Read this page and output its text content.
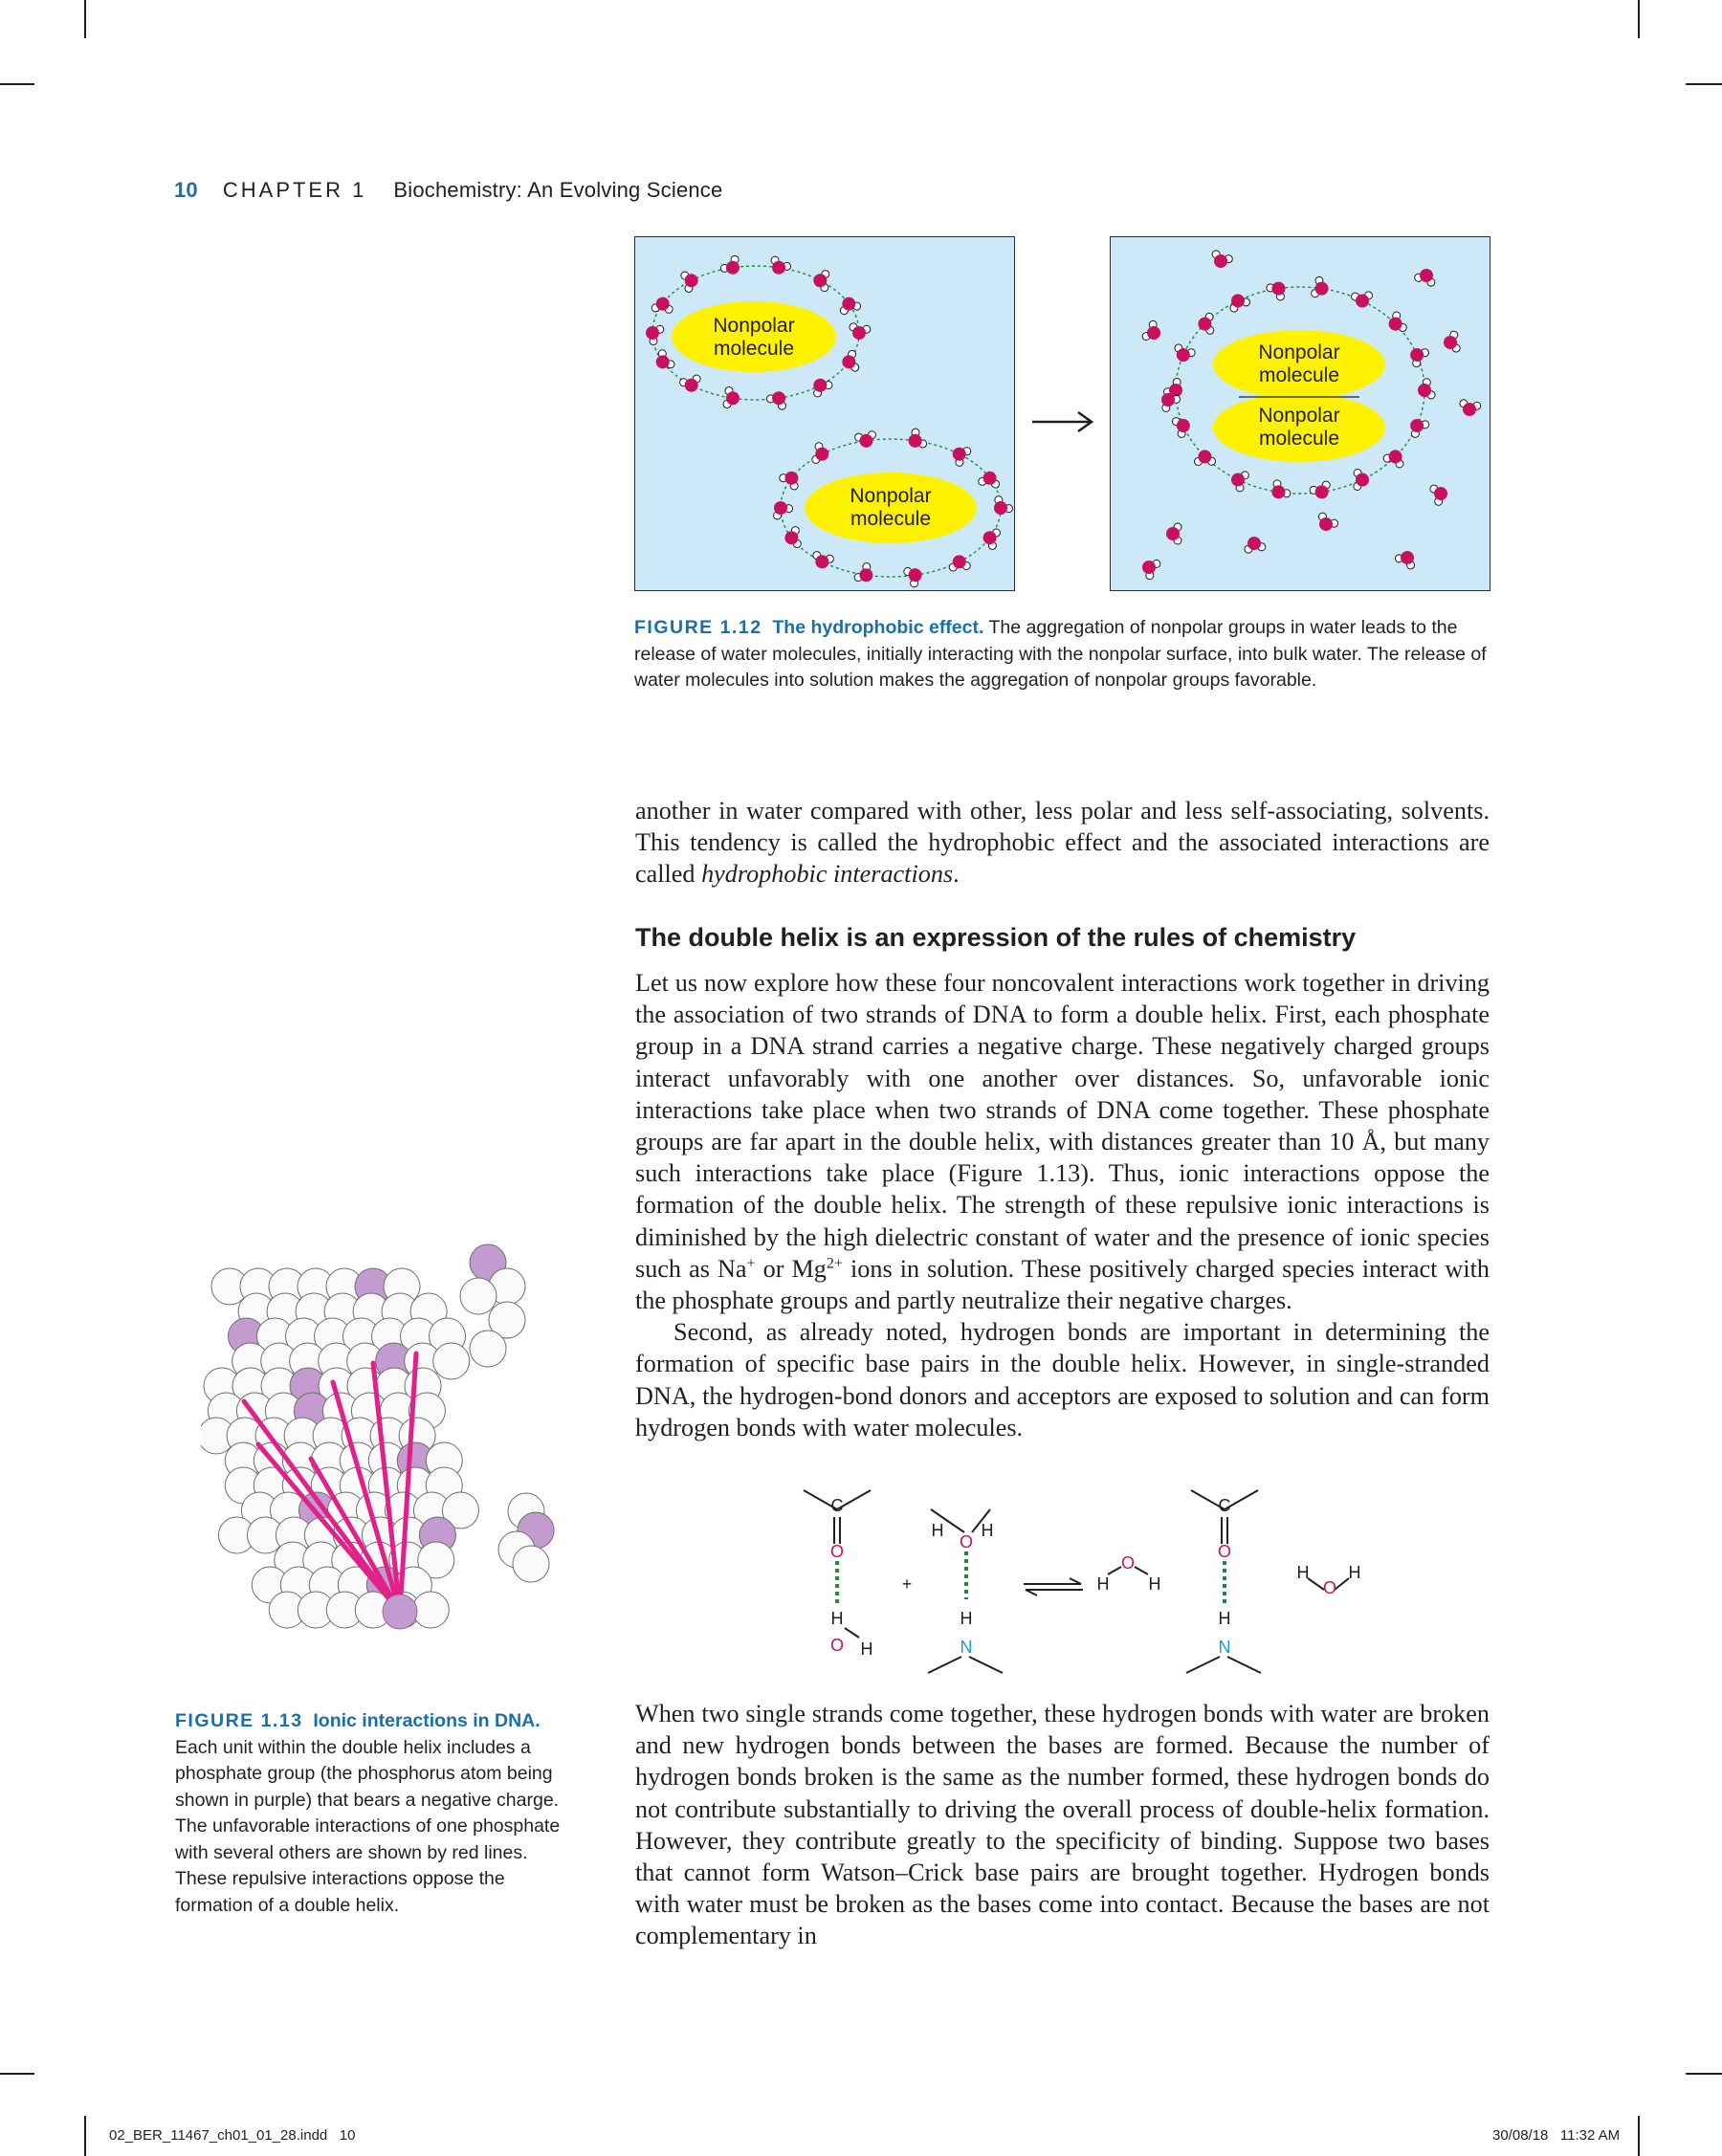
10 CHAPTER 1 Biochemistry: An Evolving Science
Nonpolar
molecule
Nonpolar
molecule
Nonpolar
molecule
Nonpolar
molecule
FIGURE 1.12 The hydrophobic effect. The aggregation of nonpolar groups in water leads to the release of water molecules, initially interacting with the nonpolar surface, into bulk water. The release of water molecules into solution makes the aggregation of nonpolar groups favorable.

another in water compared with other, less polar and less self-associating, solvents. This tendency is called the hydrophobic effect and the associated interactions are called hydrophobic interactions.

The double helix is an expression of the rules of chemistry

Let us now explore how these four noncovalent interactions work together in driving the association of two strands of DNA to form a double helix. First, each phosphate group in a DNA strand carries a negative charge. These negatively charged groups interact unfavorably with one another over distances. So, unfavorable ionic interactions take place when two strands of DNA come together. These phosphate groups are far apart in the double helix, with distances greater than 10 Å, but many such interactions take place (Figure 1.13). Thus, ionic interactions oppose the formation of the double helix. The strength of these repulsive ionic interactions is diminished by the high dielectric constant of water and the presence of ionic species such as Na+ or $Mg^{2+}$ ions in solution. These positively charged species interact with the phosphate groups and partly neutralize their negative charges.

Second, as already noted, hydrogen bonds are important in determining the formation of specific base pairs in the double helix. However, in single-stranded DNA, the hydrogen-bond donors and acceptors are exposed to solution and can form hydrogen bonds with water molecules.

C
O
H
O H
+
H H
O
H
N
H
O
H
C
O
H
N
H
O
H

When two single strands come together, these hydrogen bonds with water are broken and new hydrogen bonds between the bases are formed. Because the number of hydrogen bonds broken is the same as the number formed, these hydrogen bonds do not contribute substantially to driving the overall process of double-helix formation. However, they contribute greatly to the specificity of binding. Suppose two bases that cannot form Watson–Crick base pairs are brought together. Hydrogen bonds with water must be broken as the bases come into contact. Because the bases are not complementary in

FIGURE 1.13 Ionic interactions in DNA. Each unit within the double helix includes a phosphate group (the phosphorus atom being shown in purple) that bears a negative charge. The unfavorable interactions of one phosphate with several others are shown by red lines. These repulsive interactions oppose the formation of a double helix.
02_BER_11467_ch01_01_28.indd   10	30/08/18   11:32 AM
